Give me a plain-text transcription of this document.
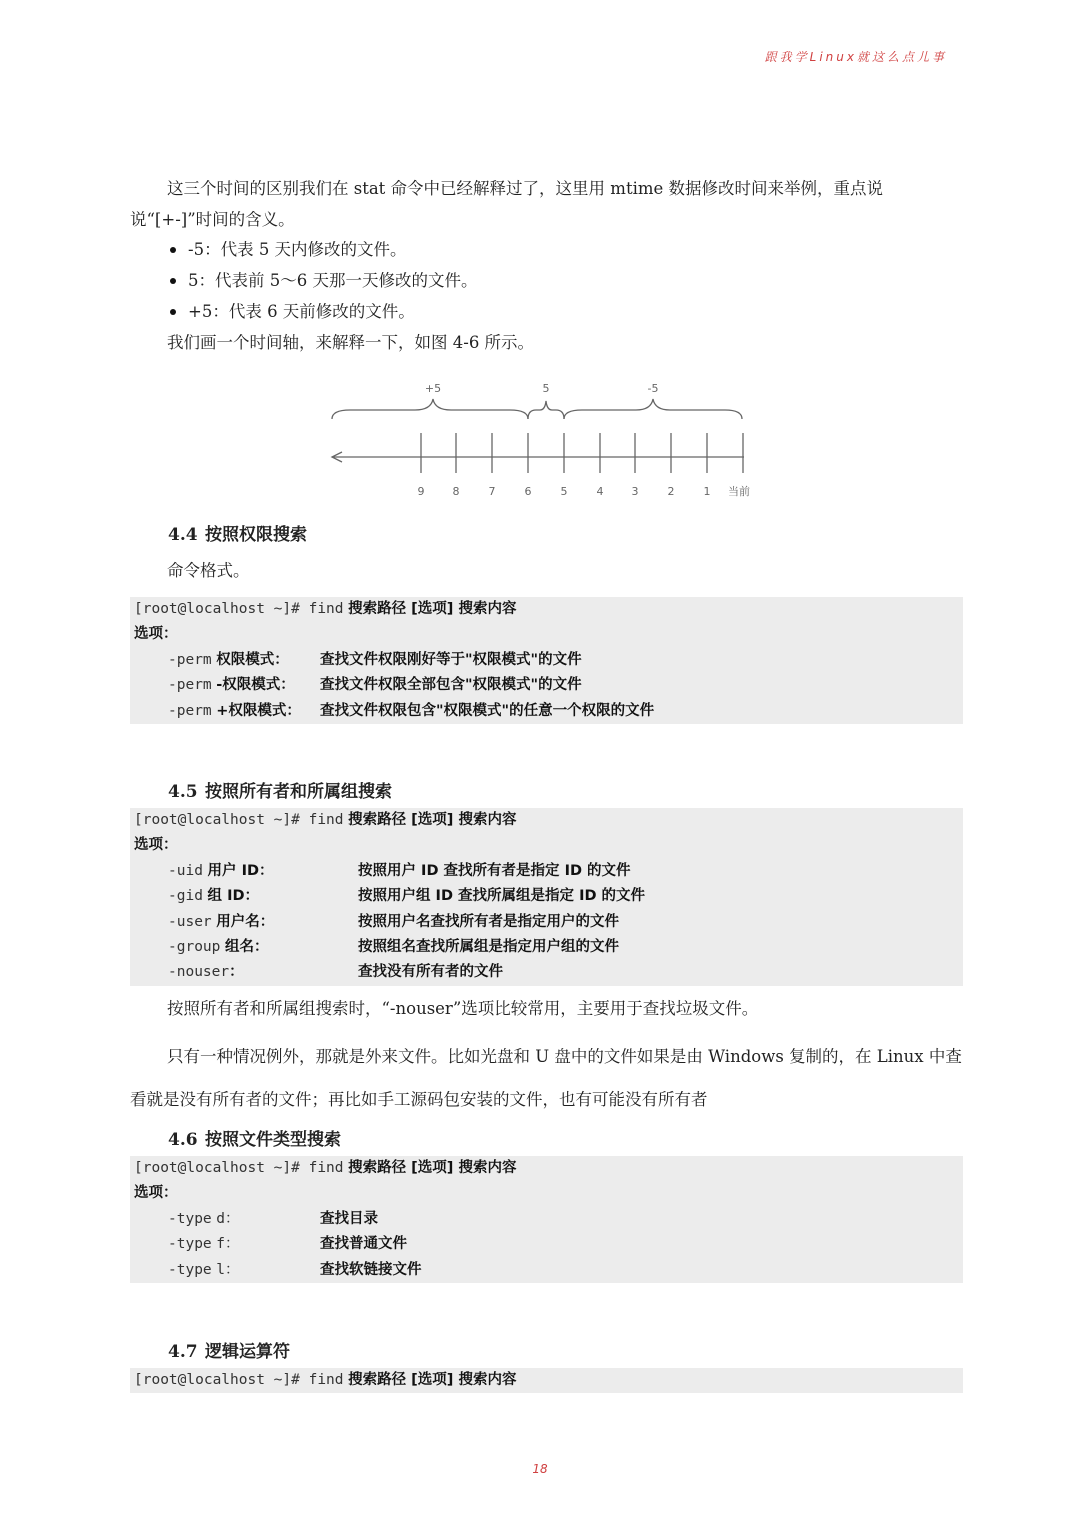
跟我学Linux就这么点儿事
这三个时间的区别我们在 stat 命令中已经解释过了，这里用 mtime 数据修改时间来举例，重点说说“[+-]”时间的含义。
-5：代表 5 天内修改的文件。
5：代表前 5～6 天那一天修改的文件。
+5：代表 6 天前修改的文件。
我们画一个时间轴，来解释一下，如图 4-6 所示。
+5	5	-5
9	8	7	6	5	4	3	2	1 当前
4.4 按照权限搜索
命令格式。
[root@localhost ~]# find 搜索路径 [选项] 搜索内容
选项：
-perm 权限模式： 查找文件权限刚好等于"权限模式"的文件
-perm -权限模式： 查找文件权限全部包含"权限模式"的文件
-perm +权限模式： 查找文件权限包含"权限模式"的任意一个权限的文件
4.5 按照所有者和所属组搜索
[root@localhost ~]# find 搜索路径 [选项] 搜索内容
选项：
-uid 用户 ID：	按照用户 ID 查找所有者是指定 ID 的文件
-gid 组 ID：	按照用户组 ID 查找所属组是指定 ID 的文件
-user 用户名：	按照用户名查找所有者是指定用户的文件
-group 组名：	按照组名查找所属组是指定用户组的文件
-nouser：	查找没有所有者的文件
按照所有者和所属组搜索时，“-nouser”选项比较常用，主要用于查找垃圾文件。
只有一种情况例外，那就是外来文件。比如光盘和 U 盘中的文件如果是由 Windows 复制的，在 Linux 中查看就是没有所有者的文件；再比如手工源码包安装的文件，也有可能没有所有者
4.6 按照文件类型搜索
[root@localhost ~]# find 搜索路径 [选项] 搜索内容
选项：
-type d：	查找目录
-type f：	查找普通文件
-type l：	查找软链接文件
4.7 逻辑运算符
[root@localhost ~]# find 搜索路径 [选项] 搜索内容
18
